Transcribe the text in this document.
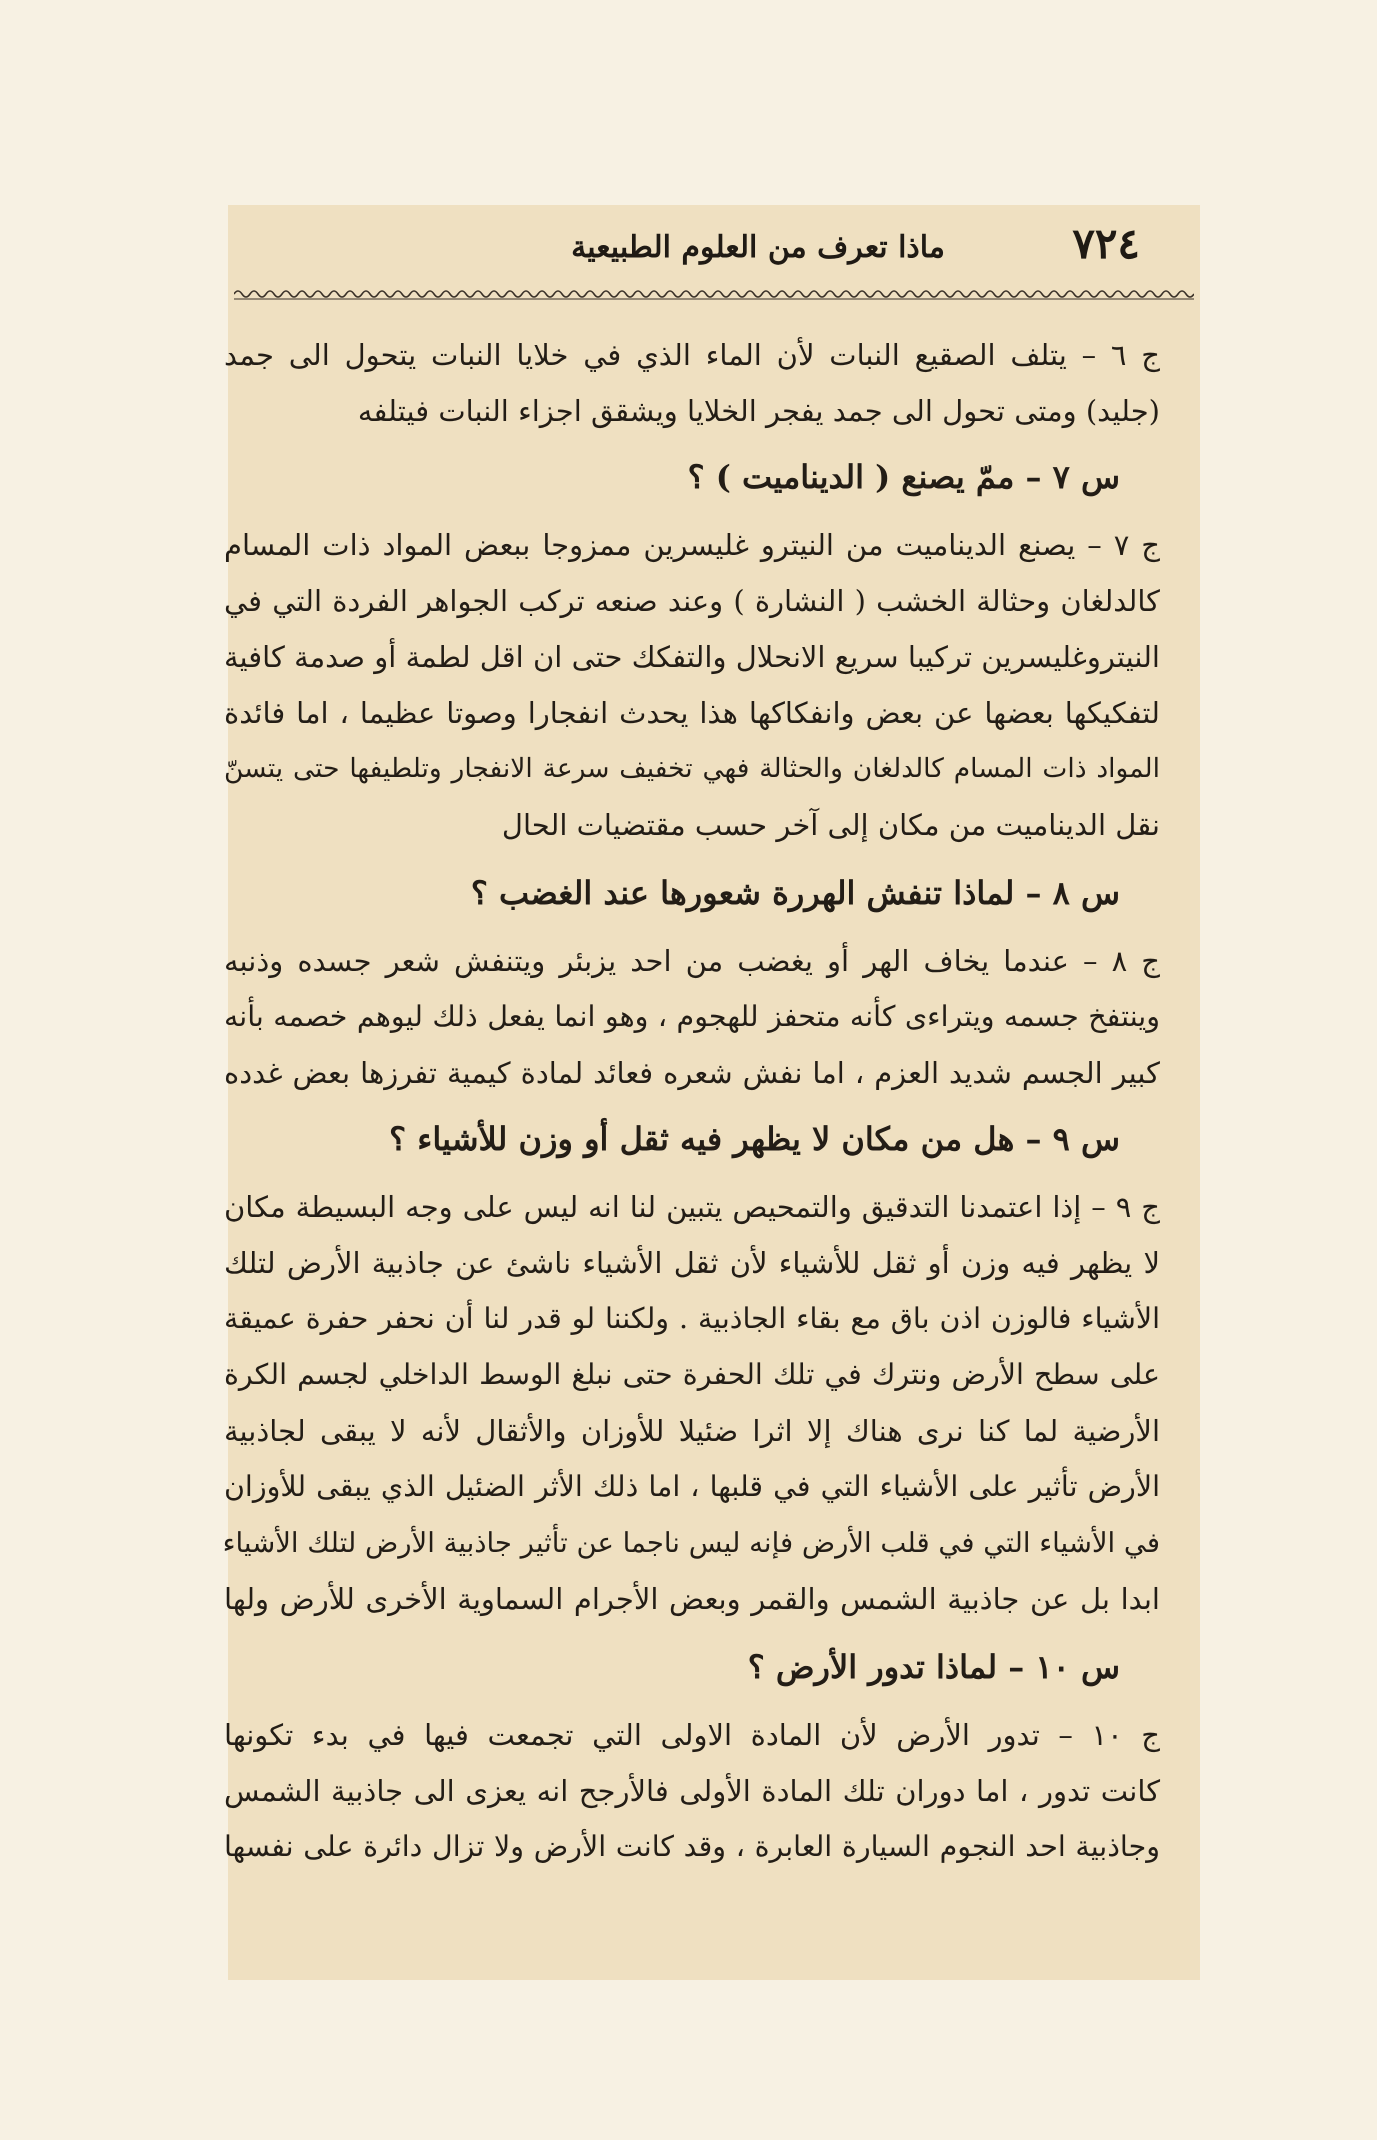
٧٢٤
ماذا تعرف من العلوم الطبيعية
ج ٦ – يتلف الصقيع النبات لأن الماء الذي في خلايا النبات يتحول الى جمد
(جليد) ومتى تحول الى جمد يفجر الخلايا ويشقق اجزاء النبات فيتلفه
س ٧ – ممّ يصنع ( الديناميت ) ؟
ج ٧ – يصنع الديناميت من النيترو غليسرين ممزوجا ببعض المواد ذات المسام
كالدلغان وحثالة الخشب ( النشارة ) وعند صنعه تركب الجواهر الفردة التي في
النيتروغليسرين تركيبا سريع الانحلال والتفكك حتى ان اقل لطمة أو صدمة كافية
لتفكيكها بعضها عن بعض وانفكاكها هذا يحدث انفجارا وصوتا عظيما ، اما فائدة
المواد ذات المسام كالدلغان والحثالة فهي تخفيف سرعة الانفجار وتلطيفها حتى يتسنّ
نقل الديناميت من مكان إلى آخر حسب مقتضيات الحال
س ٨ – لماذا تنفش الهررة شعورها عند الغضب ؟
ج ٨ – عندما يخاف الهر أو يغضب من احد يزبئر ويتنفش شعر جسده وذنبه
وينتفخ جسمه ويتراءى كأنه متحفز للهجوم ، وهو انما يفعل ذلك ليوهم خصمه بأنه
كبير الجسم شديد العزم ، اما نفش شعره فعائد لمادة كيمية تفرزها بعض غدده
س ٩ – هل من مكان لا يظهر فيه ثقل أو وزن للأشياء ؟
ج ٩ – إذا اعتمدنا التدقيق والتمحيص يتبين لنا انه ليس على وجه البسيطة مكان
لا يظهر فيه وزن أو ثقل للأشياء لأن ثقل الأشياء ناشئ عن جاذبية الأرض لتلك
الأشياء فالوزن اذن باق مع بقاء الجاذبية . ولكننا لو قدر لنا أن نحفر حفرة عميقة
على سطح الأرض ونترك في تلك الحفرة حتى نبلغ الوسط الداخلي لجسم الكرة
الأرضية لما كنا نرى هناك إلا اثرا ضئيلا للأوزان والأثقال لأنه لا يبقى لجاذبية
الأرض تأثير على الأشياء التي في قلبها ، اما ذلك الأثر الضئيل الذي يبقى للأوزان
في الأشياء التي في قلب الأرض فإنه ليس ناجما عن تأثير جاذبية الأرض لتلك الأشياء
ابدا بل عن جاذبية الشمس والقمر وبعض الأجرام السماوية الأخرى للأرض ولها
س ١٠ – لماذا تدور الأرض ؟
ج ١٠ – تدور الأرض لأن المادة الاولى التي تجمعت فيها في بدء تكونها
كانت تدور ، اما دوران تلك المادة الأولى فالأرجح انه يعزى الى جاذبية الشمس
وجاذبية احد النجوم السيارة العابرة ، وقد كانت الأرض ولا تزال دائرة على نفسها
